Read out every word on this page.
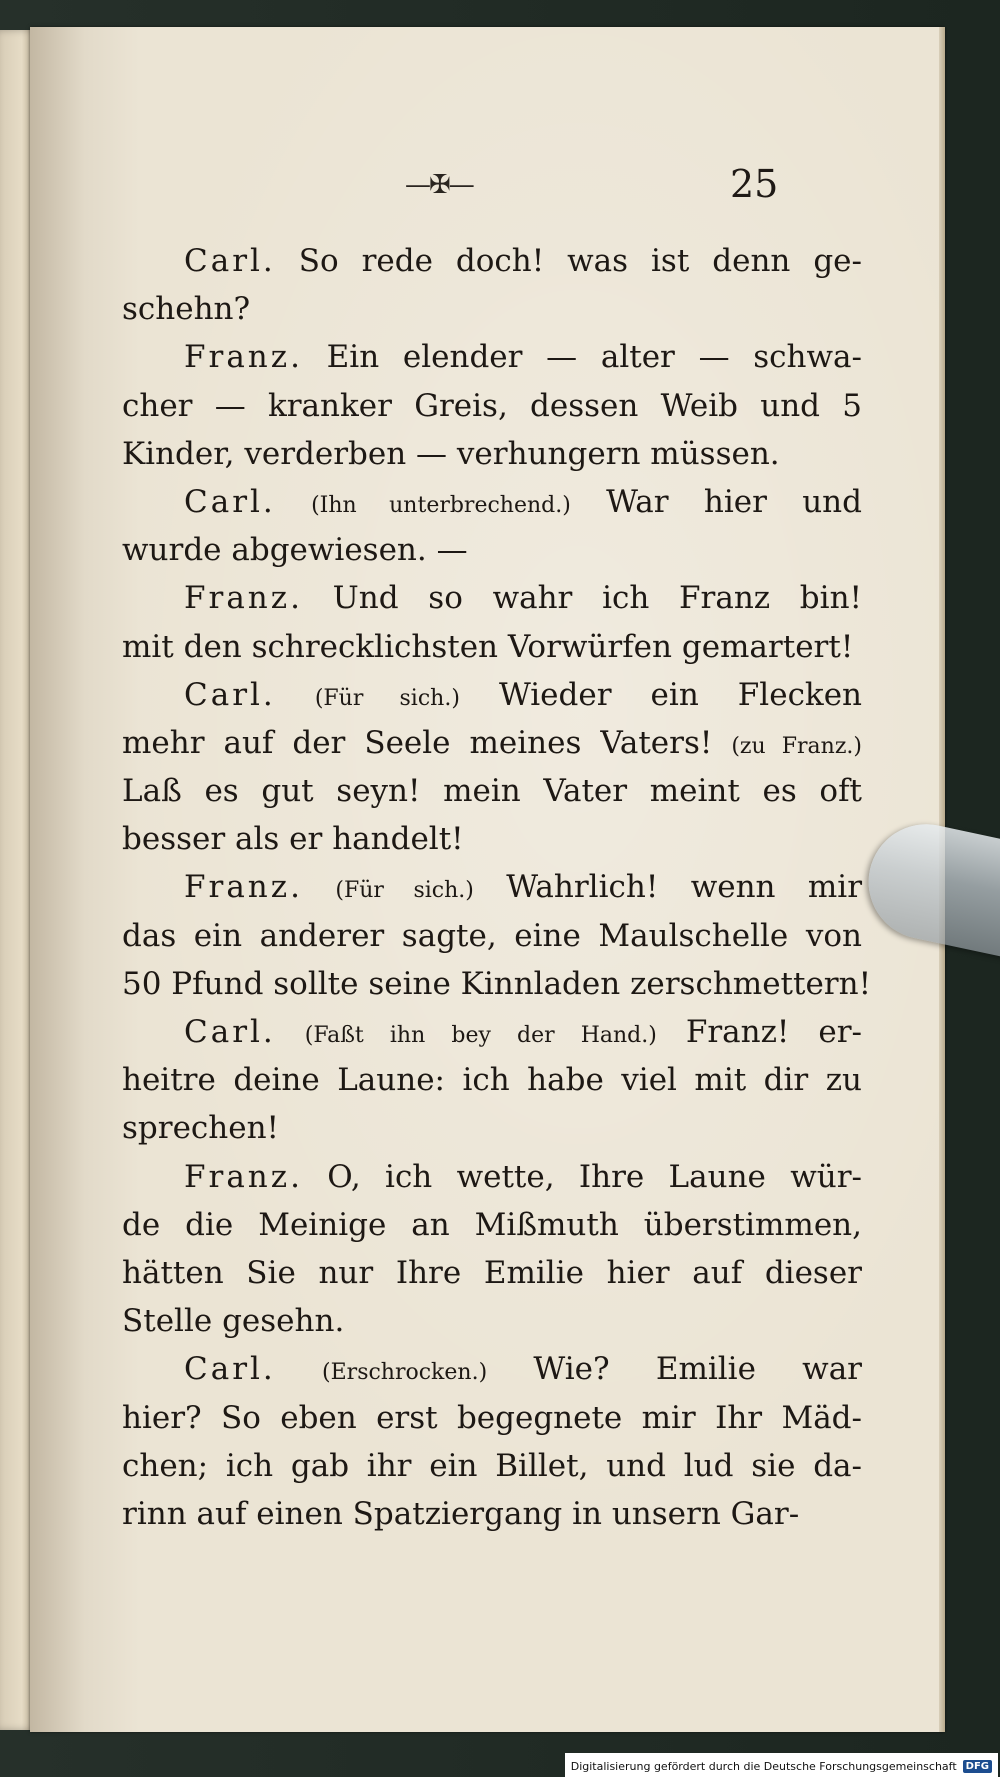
—✠—	25
Carl. So rede doch! was ist denn ge-
schehn?
Franz. Ein elender — alter — schwa-
cher — kranker Greis, dessen Weib und 5
Kinder, verderben — verhungern müssen.
Carl. (Ihn unterbrechend.) War hier und
wurde abgewiesen. —
Franz. Und so wahr ich Franz bin!
mit den schrecklichsten Vorwürfen gemartert!
Carl. (Für sich.) Wieder ein Flecken
mehr auf der Seele meines Vaters! (zu Franz.)
Laß es gut seyn! mein Vater meint es oft
besser als er handelt!
Franz. (Für sich.) Wahrlich! wenn mir
das ein anderer sagte, eine Maulschelle von
50 Pfund sollte seine Kinnladen zerschmettern!
Carl. (Faßt ihn bey der Hand.) Franz! er-
heitre deine Laune: ich habe viel mit dir zu
sprechen!
Franz. O, ich wette, Ihre Laune wür-
de die Meinige an Mißmuth überstimmen,
hätten Sie nur Ihre Emilie hier auf dieser
Stelle gesehn.
Carl. (Erschrocken.) Wie? Emilie war
hier? So eben erst begegnete mir Ihr Mäd-
chen; ich gab ihr ein Billet, und lud sie da-
rinn auf einen Spatziergang in unsern Gar-
Digitalisierung gefördert durch die Deutsche Forschungsgemeinschaft DFG
